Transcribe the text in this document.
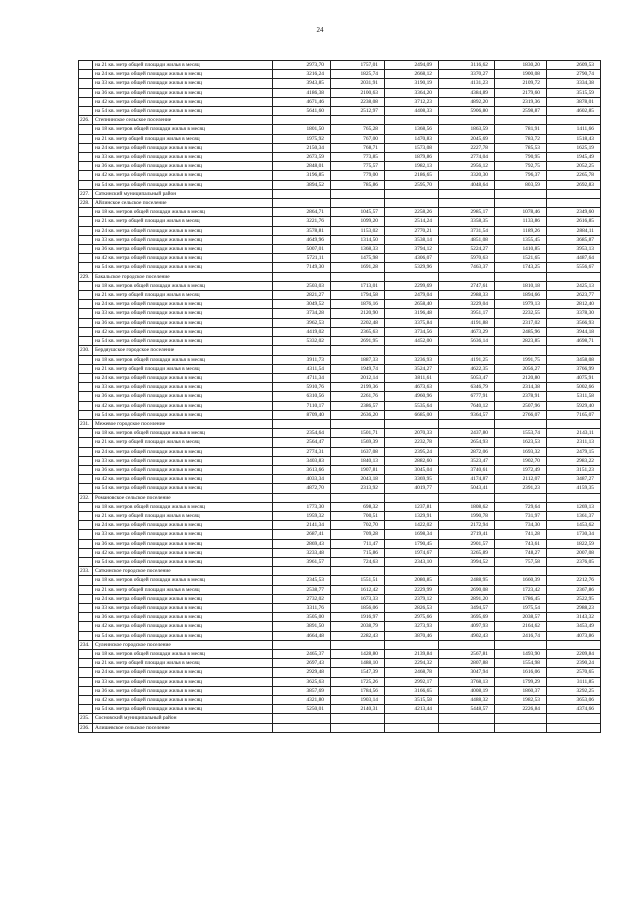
24
	на 21 кв. метр общей площади жилья в месяц	2973,70	1757,01	2494,09	3116,62	1830,20	2609,53
	на 24 кв. метра общей площади жилья в месяц	3216,24	1825,74	2668,12	3370,27	1900,08	2790,74
	на 33 кв. метра общей площади жилья в месяц	3943,85	2031,91	3190,19	4131,23	2109,72	3334,38
	на 36 кв. метра общей площади жилья в месяц	4186,38	2100,63	3364,20	4384,89	2179,60	3515,59
	на 42 кв. метра общей площади жилья в месяц	4671,46	2238,08	3712,23	4892,20	2319,36	3878,01
	на 54 кв. метра общей площади жилья в месяц	5641,60	2512,97	4408,33	5906,80	2598,87	4602,85
226.	Степнинское сельское поселение						
	на 18 кв. метров общей площади жилья в месяц	1801,50	765,28	1368,56	1863,59	781,91	1411,66
	на 21 кв. метр общей площади жилья в месяц	1975,92	767,00	1470,83	2045,69	783,72	1518,43
	на 24 кв. метра общей площади жилья в месяц	2150,34	768,71	1573,08	2227,78	785,53	1625,19
	на 33 кв. метра общей площади жилья в месяц	2673,59	773,85	1879,86	2774,04	790,95	1945,49
	на 36 кв. метра общей площади жилья в месяц	2848,01	775,57	1982,13	2956,12	792,75	2052,25
	на 42 кв. метра общей площади жилья в месяц	3196,85	779,00	2186,65	3320,30	796,37	2265,78
	на 54 кв. метра общей площади жилья в месяц	3894,52	785,86	2595,70	4048,64	803,59	2692,83
227.	Саткинский муниципальный район						
228.	Айлинское сельское поселение						
	на 18 кв. метров общей площади жилья в месяц	2864,71	1045,57	2258,26	2985,17	1078,46	2349,60
	на 21 кв. метр общей площади жилья в месяц	3221,76	1099,20	2514,24	3358,35	1133,86	2616,85
	на 24 кв. метра общей площади жилья в месяц	3578,81	1153,02	2770,21	3731,54	1189,26	2884,11
	на 33 кв. метра общей площади жилья в месяц	4649,96	1314,50	3538,14	4851,08	1355,45	3685,87
	на 36 кв. метра общей площади жилья в месяц	5007,01	1368,33	3794,12	5224,27	1410,85	3953,13
	на 42 кв. метра общей площади жилья в месяц	5721,11	1475,98	4306,07	5970,63	1521,65	4487,64
	на 54 кв. метра общей площади жилья в месяц	7149,30	1691,28	5329,96	7463,37	1743,25	5556,67
229.	Бакальское городское поселение						
	на 18 кв. метров общей площади жилья в месяц	2503,03	1713,01	2299,69	2747,61	1810,18	2425,13
	на 21 кв. метр общей площади жилья в месяц	2821,27	1794,58	2479,04	2988,33	1894,66	2623,77
	на 24 кв. метра общей площади жилья в месяц	3049,52	1876,16	2658,40	3229,04	1979,13	2812,40
	на 33 кв. метра общей площади жилья в месяц	3734,28	2120,90	3196,48	3951,17	2232,55	3378,30
	на 36 кв. метра общей площади жилья в месяц	3962,53	2202,48	3375,84	4191,88	2317,02	3566,93
	на 42 кв. метра общей площади жилья в месяц	4419,02	2365,63	3734,56	4673,29	2485,96	3944,18
	на 54 кв. метра общей площади жилья в месяц	5332,02	2691,95	4452,00	5636,14	2823,85	4698,71
230.	Бердяушское городское поселение						
	на 18 кв. метров общей площади жилья в месяц	3911,73	1887,33	3236,93	4191,25	1991,75	3458,08
	на 21 кв. метр общей площади жилья в месяц	4311,54	1949,74	3524,27	4622,35	2056,27	3766,99
	на 24 кв. метра общей площади жилья в месяц	4711,34	2012,14	3811,61	5053,47	2120,80	4075,91
	на 33 кв. метра общей площади жилья в месяц	5910,76	2199,36	4673,63	6346,79	2314,38	5002,66
	на 36 кв. метра общей площади жилья в месяц	6310,56	2261,76	4960,96	6777,91	2378,91	5311,58
	на 42 кв. метра общей площади жилья в месяц	7110,17	2386,57	5535,64	7640,12	2507,96	5929,40
	на 54 кв. метра общей площади жилья в месяц	8709,40	2636,20	6685,00	9364,57	2766,07	7165,07
231.	Межевое городское поселение						
	на 18 кв. метров общей площади жилья в месяц	2354,64	1501,71	2070,33	2437,80	1553,74	2143,11
	на 21 кв. метр общей площади жилья в месяц	2564,47	1569,39	2232,78	2654,93	1623,53	2311,13
	на 24 кв. метра общей площади жилья в месяц	2774,31	1637,08	2395,24	2872,06	1693,32	2479,15
	на 33 кв. метра общей площади жилья в месяц	3403,83	1840,13	2882,60	3523,47	1902,70	2983,22
	на 36 кв. метра общей площади жилья в месяц	3613,66	1907,81	3045,04	3740,61	1972,49	3151,23
	на 42 кв. метра общей площади жилья в месяц	4033,34	2043,18	3369,95	4174,87	2112,07	3487,27
	на 54 кв. метра общей площади жилья в месяц	4872,70	2313,92	4019,77	5043,41	2391,23	4159,35
232.	Романовское сельское поселение						
	на 18 кв. метров общей площади жилья в месяц	1773,30	698,32	1237,81	1808,62	729,64	1269,13
	на 21 кв. метр общей площади жилья в месяц	1959,32	700,51	1329,91	1990,78	731,97	1361,37
	на 24 кв. метра общей площади жилья в месяц	2141,34	702,70	1422,02	2172,94	734,30	1453,62
	на 33 кв. метра общей площади жилья в месяц	2687,41	709,28	1698,34	2719,41	741,28	1730,34
	на 36 кв. метра общей площади жилья в месяц	2869,43	711,47	1790,45	2901,57	743,61	1822,59
	на 42 кв. метра общей площади жилья в месяц	3233,48	715,86	1974,67	3265,89	748,27	2007,08
	на 54 кв. метра общей площади жилья в месяц	3961,57	724,63	2343,10	3994,52	757,58	2376,05
233.	Саткинское городское поселение						
	на 18 кв. метров общей площади жилья в месяц	2345,53	1551,51	2080,85	2488,95	1660,39	2212,76
	на 21 кв. метр общей площади жилья в месяц	2538,77	1612,42	2229,99	2690,08	1723,42	2367,86
	на 24 кв. метра общей площади жилья в месяц	2732,02	1673,33	2379,12	2891,20	1786,45	2522,95
	на 33 кв. метра общей площади жилья в месяц	3311,76	1856,06	2826,53	3494,57	1975,54	2988,23
	на 36 кв. метра общей площади жилья в месяц	3505,00	1916,97	2975,66	3695,69	2038,57	3143,32
	на 42 кв. метра общей площади жилья в месяц	3891,50	2038,79	3273,93	4097,93	2164,62	3453,49
	на 54 кв. метра общей площади жилья в месяц	4664,48	2282,43	3870,46	4902,43	2416,74	4073,86
234.	Сулеинское городское поселение						
	на 18 кв. метров общей площади жилья в месяц	2465,37	1428,80	2139,84	2567,81	1493,90	2209,84
	на 21 кв. метр общей площади жилья в месяц	2697,43	1488,10	2294,32	2807,88	1554,98	2390,24
	на 24 кв. метра общей площади жилья в месяц	2929,48	1547,39	2468,78	3047,94	1616,06	2570,65
	на 33 кв. метра общей площади жилья в месяц	3625,63	1725,26	2992,17	3768,13	1799,29	3111,85
	на 36 кв. метра общей площади жилья в месяц	3857,69	1784,56	3166,65	4008,19	1860,37	3292,25
	на 42 кв. метра общей площади жилья в месяц	4321,80	1903,14	3515,58	4488,32	1982,53	3653,06
	на 54 кв. метра общей площади жилья в месяц	5250,01	2140,31	4213,44	5448,57	2226,84	4374,66
235.	Сосновский муниципальный район						
236.	Алишевское сельское поселение						
